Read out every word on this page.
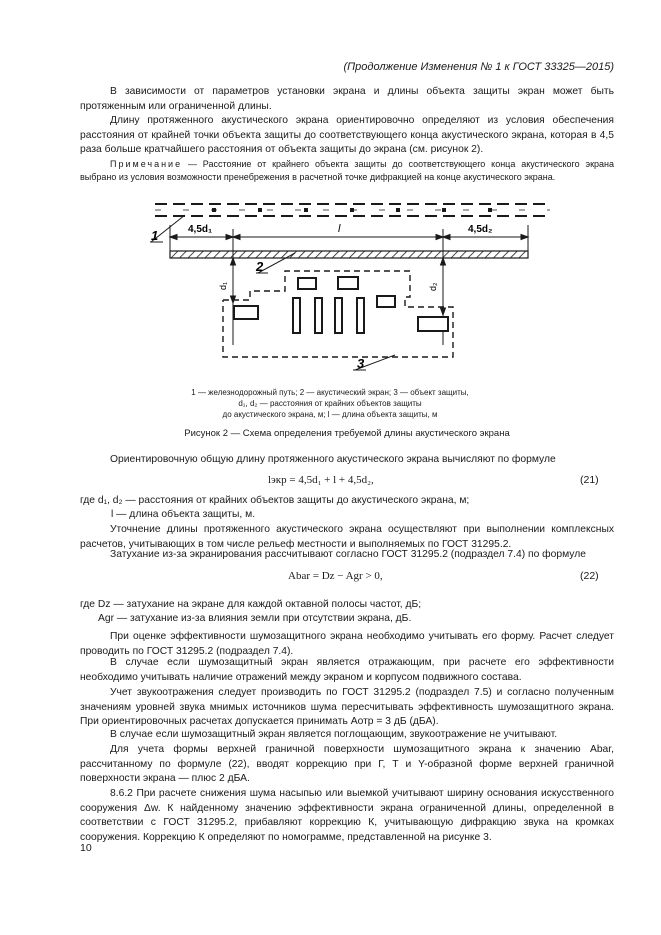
(Продолжение Изменения № 1 к ГОСТ 33325—2015)
В зависимости от параметров установки экрана и длины объекта защиты экран может быть протяженным или ограниченной длины.
Длину протяженного акустического экрана ориентировочно определяют из условия обеспечения расстояния от крайней точки объекта защиты до соответствующего конца акустического экрана, которая в 4,5 раза больше кратчайшего расстояния от объекта защиты до экрана (см. рисунок 2).
Примечание — Расстояние от крайнего объекта защиты до соответствующего конца акустического экрана выбрано из условия возможности пренебрежения в расчетной точке дифракцией на конце акустического экрана.
4,5d₁	l	4,5d₂
d₁	d₂
1
2
3
1 — железнодорожный путь; 2 — акустический экран; 3 — объект защиты,
d₁, d₂ — расстояния от крайних объектов защиты
до акустического экрана, м; l — длина объекта защиты, м
Рисунок 2 — Схема определения требуемой длины акустического экрана
Ориентировочную общую длину протяженного акустического экрана вычисляют по формуле
lэкр = 4,5d₁ + l + 4,5d₂,	(21)
где d₁, d₂ — расстояния от крайних объектов защиты до акустического экрана, м;
l — длина объекта защиты, м.
Уточнение длины протяженного акустического экрана осуществляют при выполнении комплексных расчетов, учитывающих в том числе рельеф местности и выполняемых по ГОСТ 31295.2.
Затухание из-за экранирования рассчитывают согласно ГОСТ 31295.2 (подраздел 7.4) по формуле
Abar = Dz − Agr > 0,	(22)
где Dz — затухание на экране для каждой октавной полосы частот, дБ;
Agr — затухание из-за влияния земли при отсутствии экрана, дБ.
При оценке эффективности шумозащитного экрана необходимо учитывать его форму. Расчет следует проводить по ГОСТ 31295.2 (подраздел 7.4).
В случае если шумозащитный экран является отражающим, при расчете его эффективности необходимо учитывать наличие отражений между экраном и корпусом подвижного состава.
Учет звукоотражения следует производить по ГОСТ 31295.2 (подраздел 7.5) и согласно полученным значениям уровней звука мнимых источников шума пересчитывать эффективность шумозащитного экрана. При ориентировочных расчетах допускается принимать Аотр = 3 дБ (дБА).
В случае если шумозащитный экран является поглощающим, звукоотражение не учитывают.
Для учета формы верхней граничной поверхности шумозащитного экрана к значению Abar, рассчитанному по формуле (22), вводят коррекцию при Г, Т и Y-образной форме верхней граничной поверхности экрана — плюс 2 дБА.
8.6.2 При расчете снижения шума насыпью или выемкой учитывают ширину основания искусственного сооружения Δw. К найденному значению эффективности экрана ограниченной длины, определенной в соответствии с ГОСТ 31295.2, прибавляют коррекцию К, учитывающую дифракцию звука на кромках сооружения. Коррекцию К определяют по номограмме, представленной на рисунке 3.
10
